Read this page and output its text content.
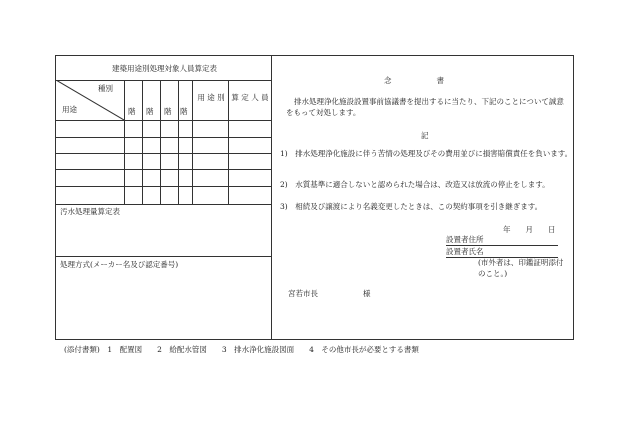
建築用途別処理対象人員算定表
種別
用途	階 階 階 階
用 途 別 算 定 人 員
汚水処理量算定表
処理方式(メーカー名及び認定番号)
念　　　　　　書
排水処理浄化施設設置事前協議書を提出するに当たり、下記のことについて誠意をもって対処します。
記
1)　排水処理浄化施設に伴う苦情の処理及びその費用並びに損害賠償責任を負います。
2)　水質基準に適合しないと認められた場合は、改造又は放流の停止をします。
3)　相続及び譲渡により名義変更したときは、この契約事項を引き継ぎます。
年　　月　　日
設置者住所
設置者氏名
(市外者は、印鑑証明添付のこと。)
宮若市長　　　　　　様
(添付書類)　1　配置図　　2　給配水管図　　3　排水浄化施設図面　　4　その他市長が必要とする書類
